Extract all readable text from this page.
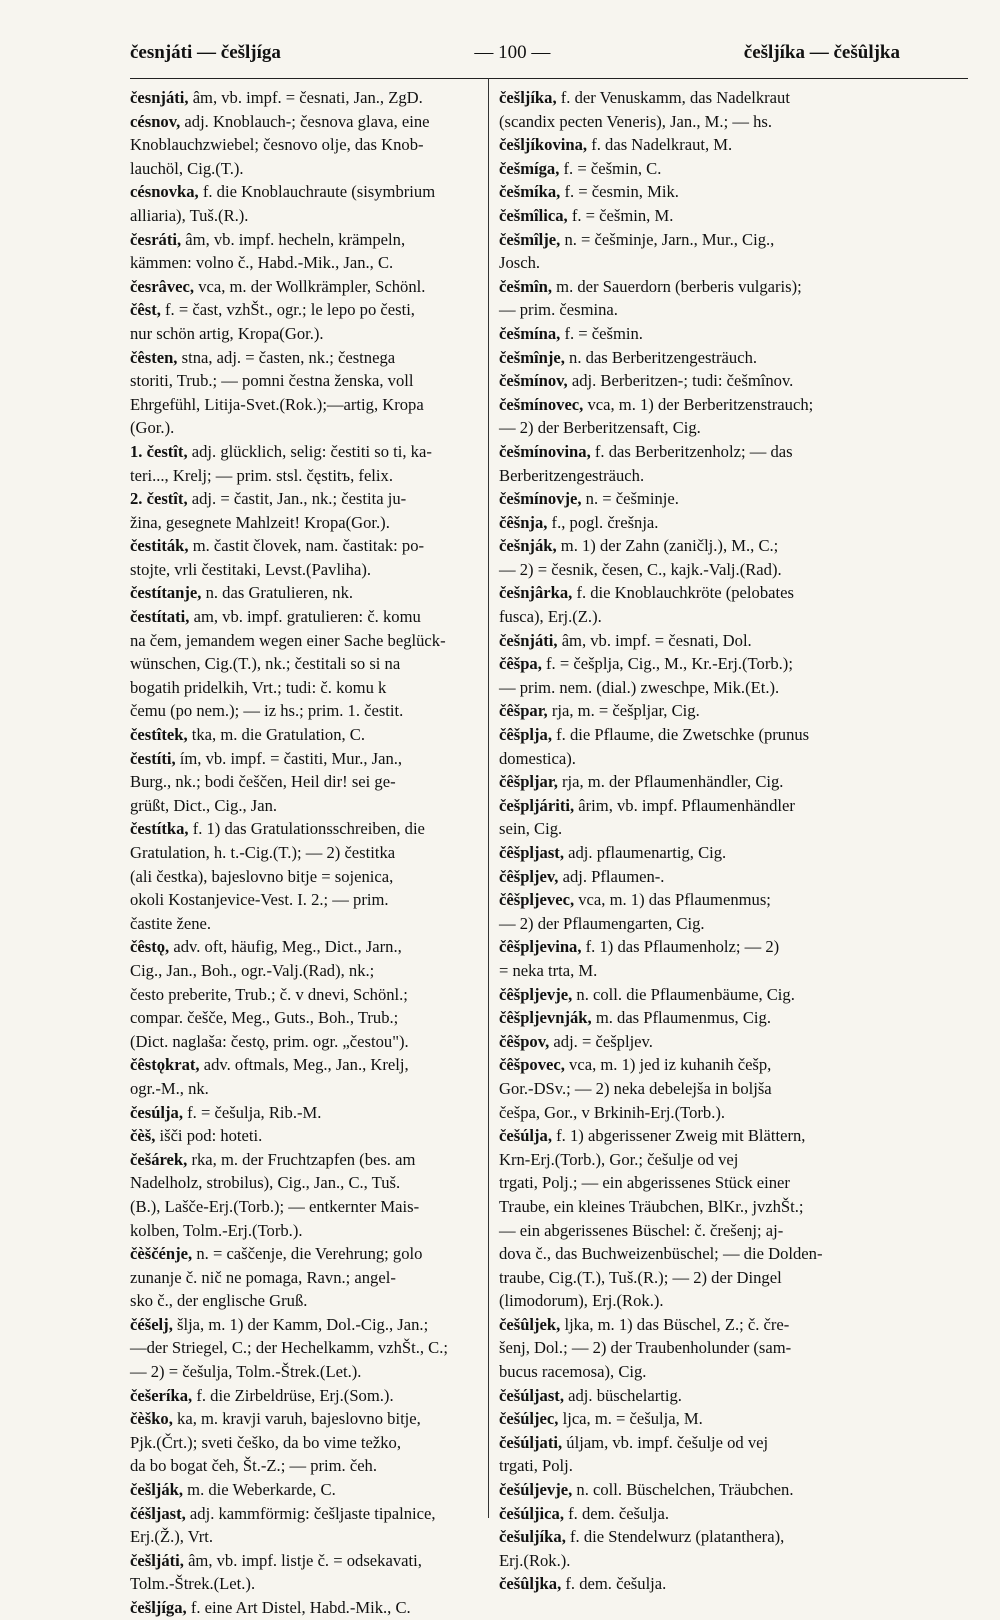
česnjáti — češljíga	— 100 —	češljíka — češûljka
česnjáti, âm, vb. impf. = česnati, Jan., ZgD.
césnov, adj. Knoblauch-; česnova glava, eine
Knoblauchzwiebel; česnovo olje, das Knob-
lauchöl, Cig.(T.).
césnovka, f. die Knoblauchraute (sisymbrium
alliaria), Tuš.(R.).
česráti, âm, vb. impf. hecheln, krämpeln,
kämmen: volno č., Habd.-Mik., Jan., C.
česrâvec, vca, m. der Wollkrämpler, Schönl.
čêst, f. = čast, vzhŠt., ogr.; le lepo po česti,
nur schön artig, Kropa(Gor.).
čêsten, stna, adj. = časten, nk.; čestnega
storiti, Trub.; — pomni čestna ženska, voll
Ehrgefühl, Litija-Svet.(Rok.);—artig, Kropa
(Gor.).
1. čestît, adj. glücklich, selig: čestiti so ti, ka-
teri..., Krelj; — prim. stsl. čęstitъ, felix.
2. čestît, adj. = častit, Jan., nk.; čestita ju-
žina, gesegnete Mahlzeit! Kropa(Gor.).
čestiták, m. častit človek, nam. častitak: po-
stojte, vrli čestitaki, Levst.(Pavliha).
čestítanje, n. das Gratulieren, nk.
čestítati, am, vb. impf. gratulieren: č. komu
na čem, jemandem wegen einer Sache beglück-
wünschen, Cig.(T.), nk.; čestitali so si na
bogatih pridelkih, Vrt.; tudi: č. komu k
čemu (po nem.); — iz hs.; prim. 1. čestit.
čestîtek, tka, m. die Gratulation, C.
čestíti, ím, vb. impf. = častiti, Mur., Jan.,
Burg., nk.; bodi češčen, Heil dir! sei ge-
grüßt, Dict., Cig., Jan.
čestítka, f. 1) das Gratulationsschreiben, die
Gratulation, h. t.-Cig.(T.); — 2) čestitka
(ali čestka), bajeslovno bitje = sojenica,
okoli Kostanjevice-Vest. I. 2.; — prim.
častite žene.
čêstǫ, adv. oft, häufig, Meg., Dict., Jarn.,
Cig., Jan., Boh., ogr.-Valj.(Rad), nk.;
često preberite, Trub.; č. v dnevi, Schönl.;
compar. češče, Meg., Guts., Boh., Trub.;
(Dict. naglaša: čestǫ, prim. ogr. „čestou").
čêstǫkrat, adv. oftmals, Meg., Jan., Krelj,
ogr.-M., nk.
česúlja, f. = češulja, Rib.-M.
čèš, išči pod: hoteti.
češárek, rka, m. der Fruchtzapfen (bes. am
Nadelholz, strobilus), Cig., Jan., C., Tuš.
(B.), Lašče-Erj.(Torb.); — entkernter Mais-
kolben, Tolm.-Erj.(Torb.).
čèščénje, n. = caščenje, die Verehrung; golo
zunanje č. nič ne pomaga, Ravn.; angel-
sko č., der englische Gruß.
čéšelj, šlja, m. 1) der Kamm, Dol.-Cig., Jan.;
—der Striegel, C.; der Hechelkamm, vzhŠt., C.;
— 2) = češulja, Tolm.-Štrek.(Let.).
češeríka, f. die Zirbeldrüse, Erj.(Som.).
čèško, ka, m. kravji varuh, bajeslovno bitje,
Pjk.(Črt.); sveti češko, da bo vime težko,
da bo bogat čeh, Št.-Z.; — prim. čeh.
češlják, m. die Weberkarde, C.
čéšljast, adj. kammförmig: češljaste tipalnice,
Erj.(Ž.), Vrt.
češljáti, âm, vb. impf. listje č. = odsekavati,
Tolm.-Štrek.(Let.).
češljíga, f. eine Art Distel, Habd.-Mik., C.
češljíka, f. der Venuskamm, das Nadelkraut
(scandix pecten Veneris), Jan., M.; — hs.
češljíkovina, f. das Nadelkraut, M.
češmíga, f. = češmin, C.
češmíka, f. = česmin, Mik.
češmîlica, f. = češmin, M.
češmîlje, n. = češminje, Jarn., Mur., Cig.,
Josch.
češmîn, m. der Sauerdorn (berberis vulgaris);
— prim. česmina.
češmína, f. = češmin.
češmînje, n. das Berberitzengesträuch.
češmínov, adj. Berberitzen-; tudi: češmînov.
češmínovec, vca, m. 1) der Berberitzenstrauch;
— 2) der Berberitzensaft, Cig.
češmínovina, f. das Berberitzenholz; — das
Berberitzengesträuch.
češmínovje, n. = češminje.
čêšnja, f., pogl. črešnja.
češnják, m. 1) der Zahn (zaničlj.), M., C.;
— 2) = česnik, česen, C., kajk.-Valj.(Rad).
češnjârka, f. die Knoblauchkröte (pelobates
fusca), Erj.(Z.).
češnjáti, âm, vb. impf. = česnati, Dol.
čêšpa, f. = češplja, Cig., M., Kr.-Erj.(Torb.);
— prim. nem. (dial.) zweschpe, Mik.(Et.).
čêšpar, rja, m. = češpljar, Cig.
čêšplja, f. die Pflaume, die Zwetschke (prunus
domestica).
čêšpljar, rja, m. der Pflaumenhändler, Cig.
češpljáriti, ârim, vb. impf. Pflaumenhändler
sein, Cig.
čêšpljast, adj. pflaumenartig, Cig.
čêšpljev, adj. Pflaumen-.
čêšpljevec, vca, m. 1) das Pflaumenmus;
— 2) der Pflaumengarten, Cig.
čêšpljevina, f. 1) das Pflaumenholz; — 2)
= neka trta, M.
čêšpljevje, n. coll. die Pflaumenbäume, Cig.
čêšpljevnják, m. das Pflaumenmus, Cig.
čêšpov, adj. = češpljev.
čêšpovec, vca, m. 1) jed iz kuhanih češp,
Gor.-DSv.; — 2) neka debelejša in boljša
češpa, Gor., v Brkinih-Erj.(Torb.).
češúlja, f. 1) abgerissener Zweig mit Blättern,
Krn-Erj.(Torb.), Gor.; češulje od vej
trgati, Polj.; — ein abgerissenes Stück einer
Traube, ein kleines Träubchen, BlKr., jvzhŠt.;
— ein abgerissenes Büschel: č. črešenj; aj-
dova č., das Buchweizenbüschel; — die Dolden-
traube, Cig.(T.), Tuš.(R.); — 2) der Dingel
(limodorum), Erj.(Rok.).
češûljek, ljka, m. 1) das Büschel, Z.; č. čre-
šenj, Dol.; — 2) der Traubenholunder (sam-
bucus racemosa), Cig.
češúljast, adj. büschelartig.
češúljec, ljca, m. = češulja, M.
češúljati, úljam, vb. impf. češulje od vej
trgati, Polj.
češúljevje, n. coll. Büschelchen, Träubchen.
češúljica, f. dem. češulja.
češuljíka, f. die Stendelwurz (platanthera),
Erj.(Rok.).
češûljka, f. dem. češulja.
